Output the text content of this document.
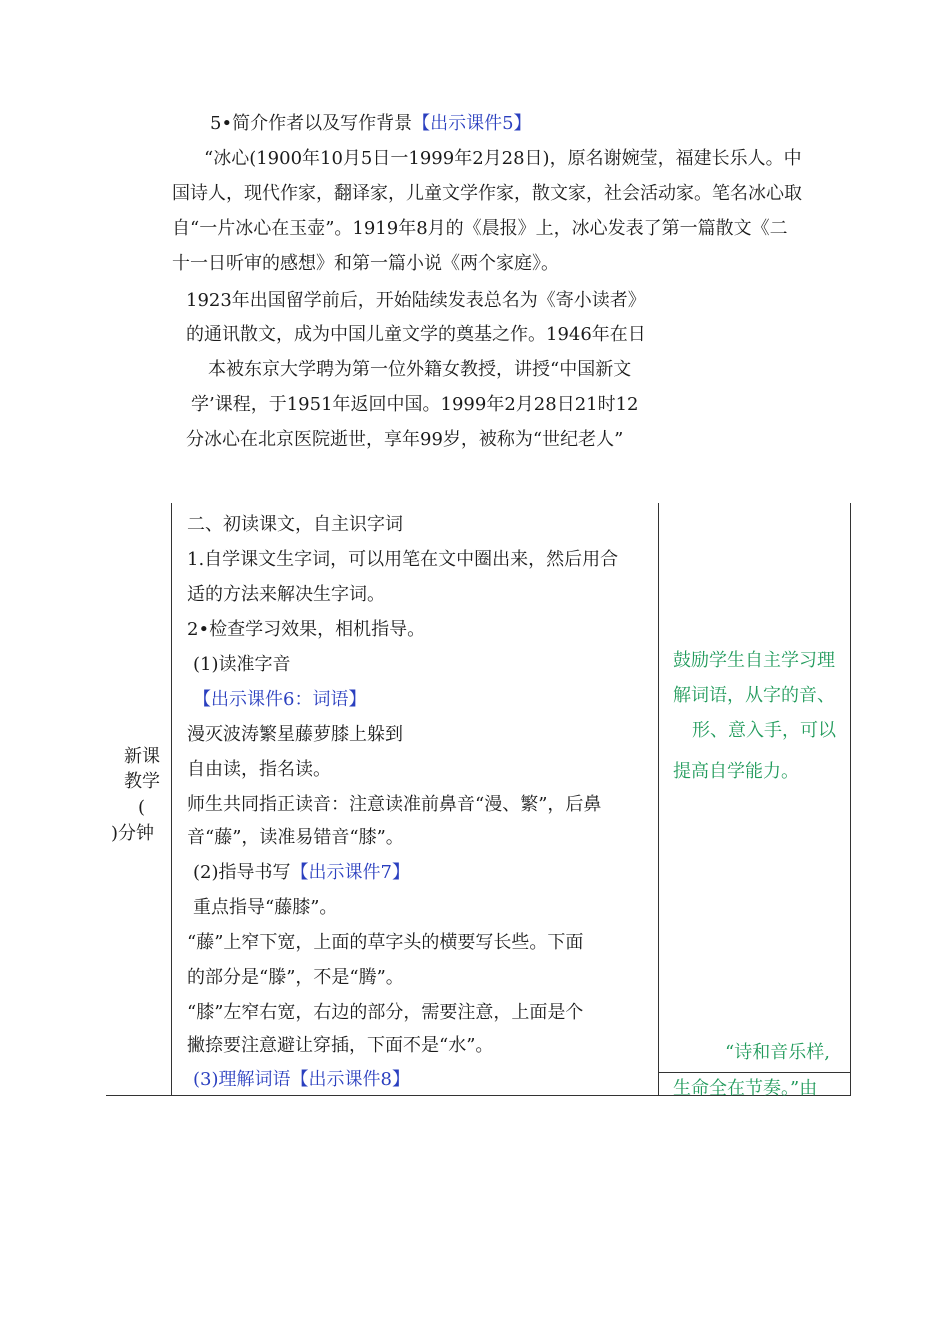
5•简介作者以及写作背景【出示课件5】
“冰心(1900年10月5日一1999年2月28日)，原名谢婉莹，福建长乐人。中
国诗人，现代作家，翻译家，儿童文学作家，散文家，社会活动家。笔名冰心取
自“一片冰心在玉壶”。1919年8月的《晨报》上，冰心发表了第一篇散文《二
十一日听审的感想》和第一篇小说《两个家庭》。
1923年出国留学前后，开始陆续发表总名为《寄小读者》
的通讯散文，成为中国儿童文学的奠基之作。1946年在日
本被东京大学聘为第一位外籍女教授，讲授“中国新文
学’课程，于1951年返回中国。1999年2月28日21时12
分冰心在北京医院逝世，享年99岁，被称为“世纪老人”
新课
教学
(
)分钟
二、初读课文，自主识字词
1.自学课文生字词，可以用笔在文中圈出来，然后用合
适的方法来解决生字词。
2•检查学习效果，相机指导。
(1)读准字音
【出示课件6：词语】
漫灭波涛繁星藤萝膝上躲到
自由读，指名读。
师生共同指正读音：注意读准前鼻音“漫、繁”，后鼻
音“藤”，读准易错音“膝”。
(2)指导书写【出示课件7】
重点指导“藤膝”。
“藤”上窄下宽，上面的草字头的横要写长些。下面
的部分是“滕”，不是“腾”。
“膝”左窄右宽，右边的部分，需要注意，上面是个
撇捺要注意避让穿插，下面不是“水”。
(3)理解词语【出示课件8】
鼓励学生自主学习理
解词语，从字的音、
形、意入手，可以
提高自学能力。
“诗和音乐样,
生命全在节奏。”由
